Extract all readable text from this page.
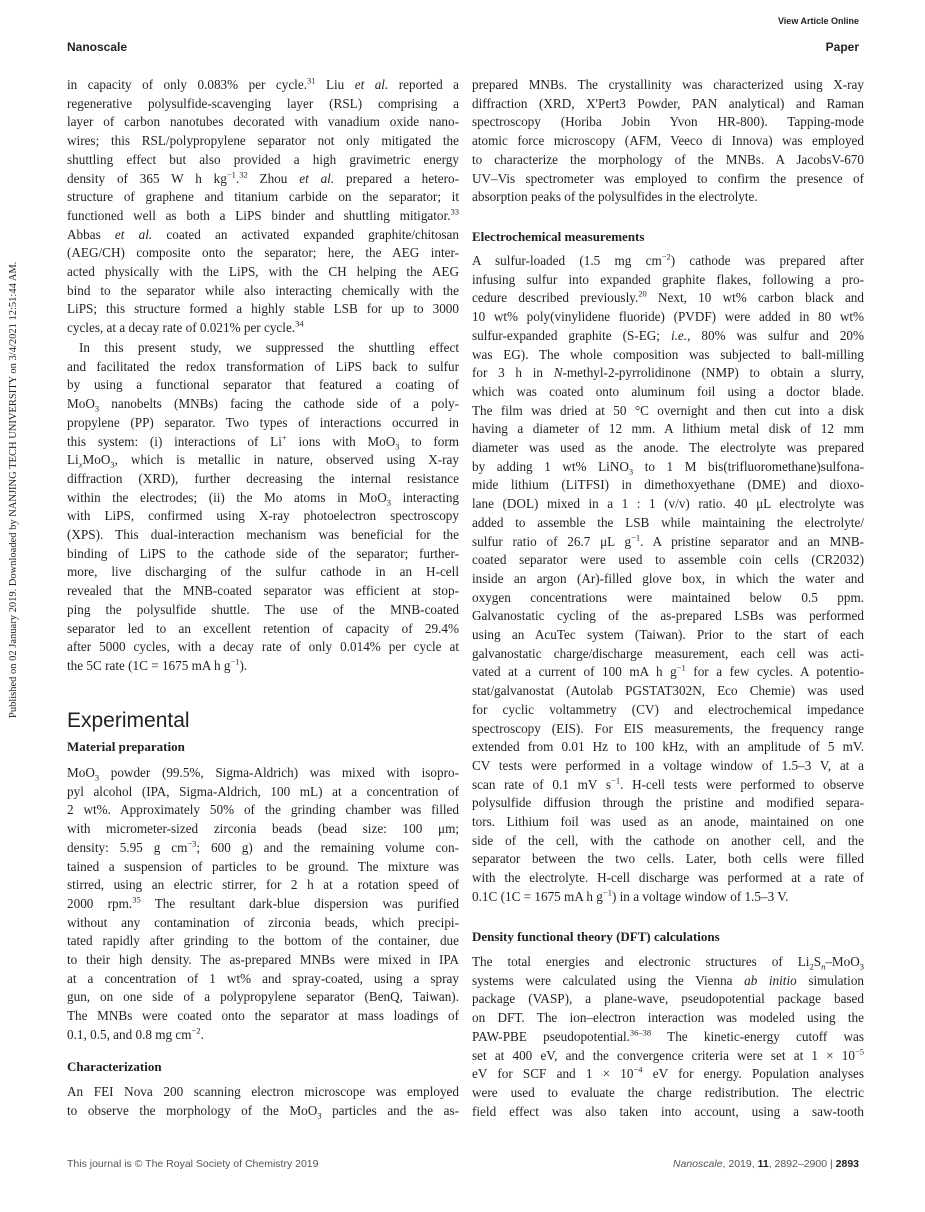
View Article Online
Nanoscale	Paper
Published on 02 January 2019. Downloaded by NANJING TECH UNIVERSITY on 3/4/2021 12:51:44 AM.
in capacity of only 0.083% per cycle.$^{31}$ Liu et al. reported a
regenerative polysulfide-scavenging layer (RSL) comprising a
layer of carbon nanotubes decorated with vanadium oxide nano-
wires; this RSL/polypropylene separator not only mitigated the
shuttling effect but also provided a high gravimetric energy
density of 365 W h $kg^{-1}.^{32}$ Zhou et al. prepared a hetero-
structure of graphene and titanium carbide on the separator; it
functioned well as both a LiPS binder and shuttling mitigator.$^{33}$
Abbas et al. coated an activated expanded graphite/chitosan
(AEG/CH) composite onto the separator; here, the AEG inter-
acted physically with the LiPS, with the CH helping the AEG
bind to the separator while also interacting chemically with the
LiPS; this structure formed a highly stable LSB for up to 3000
cycles, at a decay rate of 0.021% per cycle.$^{34}$
In this present study, we suppressed the shuttling effect
and facilitated the redox transformation of LiPS back to sulfur
by using a functional separator that featured a coating of
MoO$_3$ nanobelts (MNBs) facing the cathode side of a poly-
propylene (PP) separator. Two types of interactions occurred in
this system: (i) interactions of Li+ ions with MoO$_3$ to form
$Li_xMoO_3$, which is metallic in nature, observed using X-ray
diffraction (XRD), further decreasing the internal resistance
within the electrodes; (ii) the Mo atoms in MoO$_3$ interacting
with LiPS, confirmed using X-ray photoelectron spectroscopy
(XPS). This dual-interaction mechanism was beneficial for the
binding of LiPS to the cathode side of the separator; further-
more, live discharging of the sulfur cathode in an H-cell
revealed that the MNB-coated separator was efficient at stop-
ping the polysulfide shuttle. The use of the MNB-coated
separator led to an excellent retention of capacity of 29.4%
after 5000 cycles, with a decay rate of only 0.014% per cycle at
the 5C rate (1C = 1675 mA h $g^{-1}$).
Experimental
Material preparation
MoO$_3$ powder (99.5%, Sigma-Aldrich) was mixed with isopro-
pyl alcohol (IPA, Sigma-Aldrich, 100 mL) at a concentration of
2 wt%. Approximately 50% of the grinding chamber was filled
with micrometer-sized zirconia beads (bead size: 100 μm;
density: 5.95 g $cm^{-3}$; 600 g) and the remaining volume con-
tained a suspension of particles to be ground. The mixture was
stirred, using an electric stirrer, for 2 h at a rotation speed of
2000 rpm.$^{35}$ The resultant dark-blue dispersion was purified
without any contamination of zirconia beads, which precipi-
tated rapidly after grinding to the bottom of the container, due
to their high density. The as-prepared MNBs were mixed in IPA
at a concentration of 1 wt% and spray-coated, using a spray
gun, on one side of a polypropylene separator (BenQ, Taiwan).
The MNBs were coated onto the separator at mass loadings of
0.1, 0.5, and 0.8 mg $cm^{-2}$.
Characterization
An FEI Nova 200 scanning electron microscope was employed
to observe the morphology of the MoO$_3$ particles and the as-
prepared MNBs. The crystallinity was characterized using X-ray
diffraction (XRD, X'Pert3 Powder, PAN analytical) and Raman
spectroscopy (Horiba Jobin Yvon HR-800). Tapping-mode
atomic force microscopy (AFM, Veeco di Innova) was employed
to characterize the morphology of the MNBs. A JacobsV-670
UV–Vis spectrometer was employed to confirm the presence of
absorption peaks of the polysulfides in the electrolyte.
Electrochemical measurements
A sulfur-loaded (1.5 mg $cm^{-2}$) cathode was prepared after
infusing sulfur into expanded graphite flakes, following a pro-
cedure described previously.$^{20}$ Next, 10 wt% carbon black and
10 wt% poly(vinylidene fluoride) (PVDF) were added in 80 wt%
sulfur-expanded graphite (S-EG; i.e., 80% was sulfur and 20%
was EG). The whole composition was subjected to ball-milling
for 3 h in N-methyl-2-pyrrolidinone (NMP) to obtain a slurry,
which was coated onto aluminum foil using a doctor blade.
The film was dried at 50 °C overnight and then cut into a disk
having a diameter of 12 mm. A lithium metal disk of 12 mm
diameter was used as the anode. The electrolyte was prepared
by adding 1 wt% LiNO$_3$ to 1 M bis(trifluoromethane)sulfona-
mide lithium (LiTFSI) in dimethoxyethane (DME) and dioxo-
lane (DOL) mixed in a 1 : 1 (v/v) ratio. 40 μL electrolyte was
added to assemble the LSB while maintaining the electrolyte/
sulfur ratio of 26.7 μL $g^{-1}$. A pristine separator and an MNB-
coated separator were used to assemble coin cells (CR2032)
inside an argon (Ar)-filled glove box, in which the water and
oxygen concentrations were maintained below 0.5 ppm.
Galvanostatic cycling of the as-prepared LSBs was performed
using an AcuTec system (Taiwan). Prior to the start of each
galvanostatic charge/discharge measurement, each cell was acti-
vated at a current of 100 mA h $g^{-1}$ for a few cycles. A potentio-
stat/galvanostat (Autolab PGSTAT302N, Eco Chemie) was used
for cyclic voltammetry (CV) and electrochemical impedance
spectroscopy (EIS). For EIS measurements, the frequency range
extended from 0.01 Hz to 100 kHz, with an amplitude of 5 mV.
CV tests were performed in a voltage window of 1.5–3 V, at a
scan rate of 0.1 mV $s^{-1}$. H-cell tests were performed to observe
polysulfide diffusion through the pristine and modified separa-
tors. Lithium foil was used as an anode, maintained on one
side of the cell, with the cathode on another cell, and the
separator between the two cells. Later, both cells were filled
with the electrolyte. H-cell discharge was performed at a rate of
0.1C (1C = 1675 mA h $g^{-1}$) in a voltage window of 1.5–3 V.
Density functional theory (DFT) calculations
The total energies and electronic structures of $Li_2S_n-MoO_3$
systems were calculated using the Vienna ab initio simulation
package (VASP), a plane-wave, pseudopotential package based
on DFT. The ion–electron interaction was modeled using the
PAW-PBE pseudopotential.$^{36-38}$ The kinetic-energy cutoff was
set at 400 eV, and the convergence criteria were set at $1 \times 10^{-5}$
eV for SCF and $1 \times 10^{-4}$ eV for energy. Population analyses
were used to evaluate the charge redistribution. The electric
field effect was also taken into account, using a saw-tooth
This journal is © The Royal Society of Chemistry 2019	Nanoscale, 2019, 11, 2892–2900 | 2893
